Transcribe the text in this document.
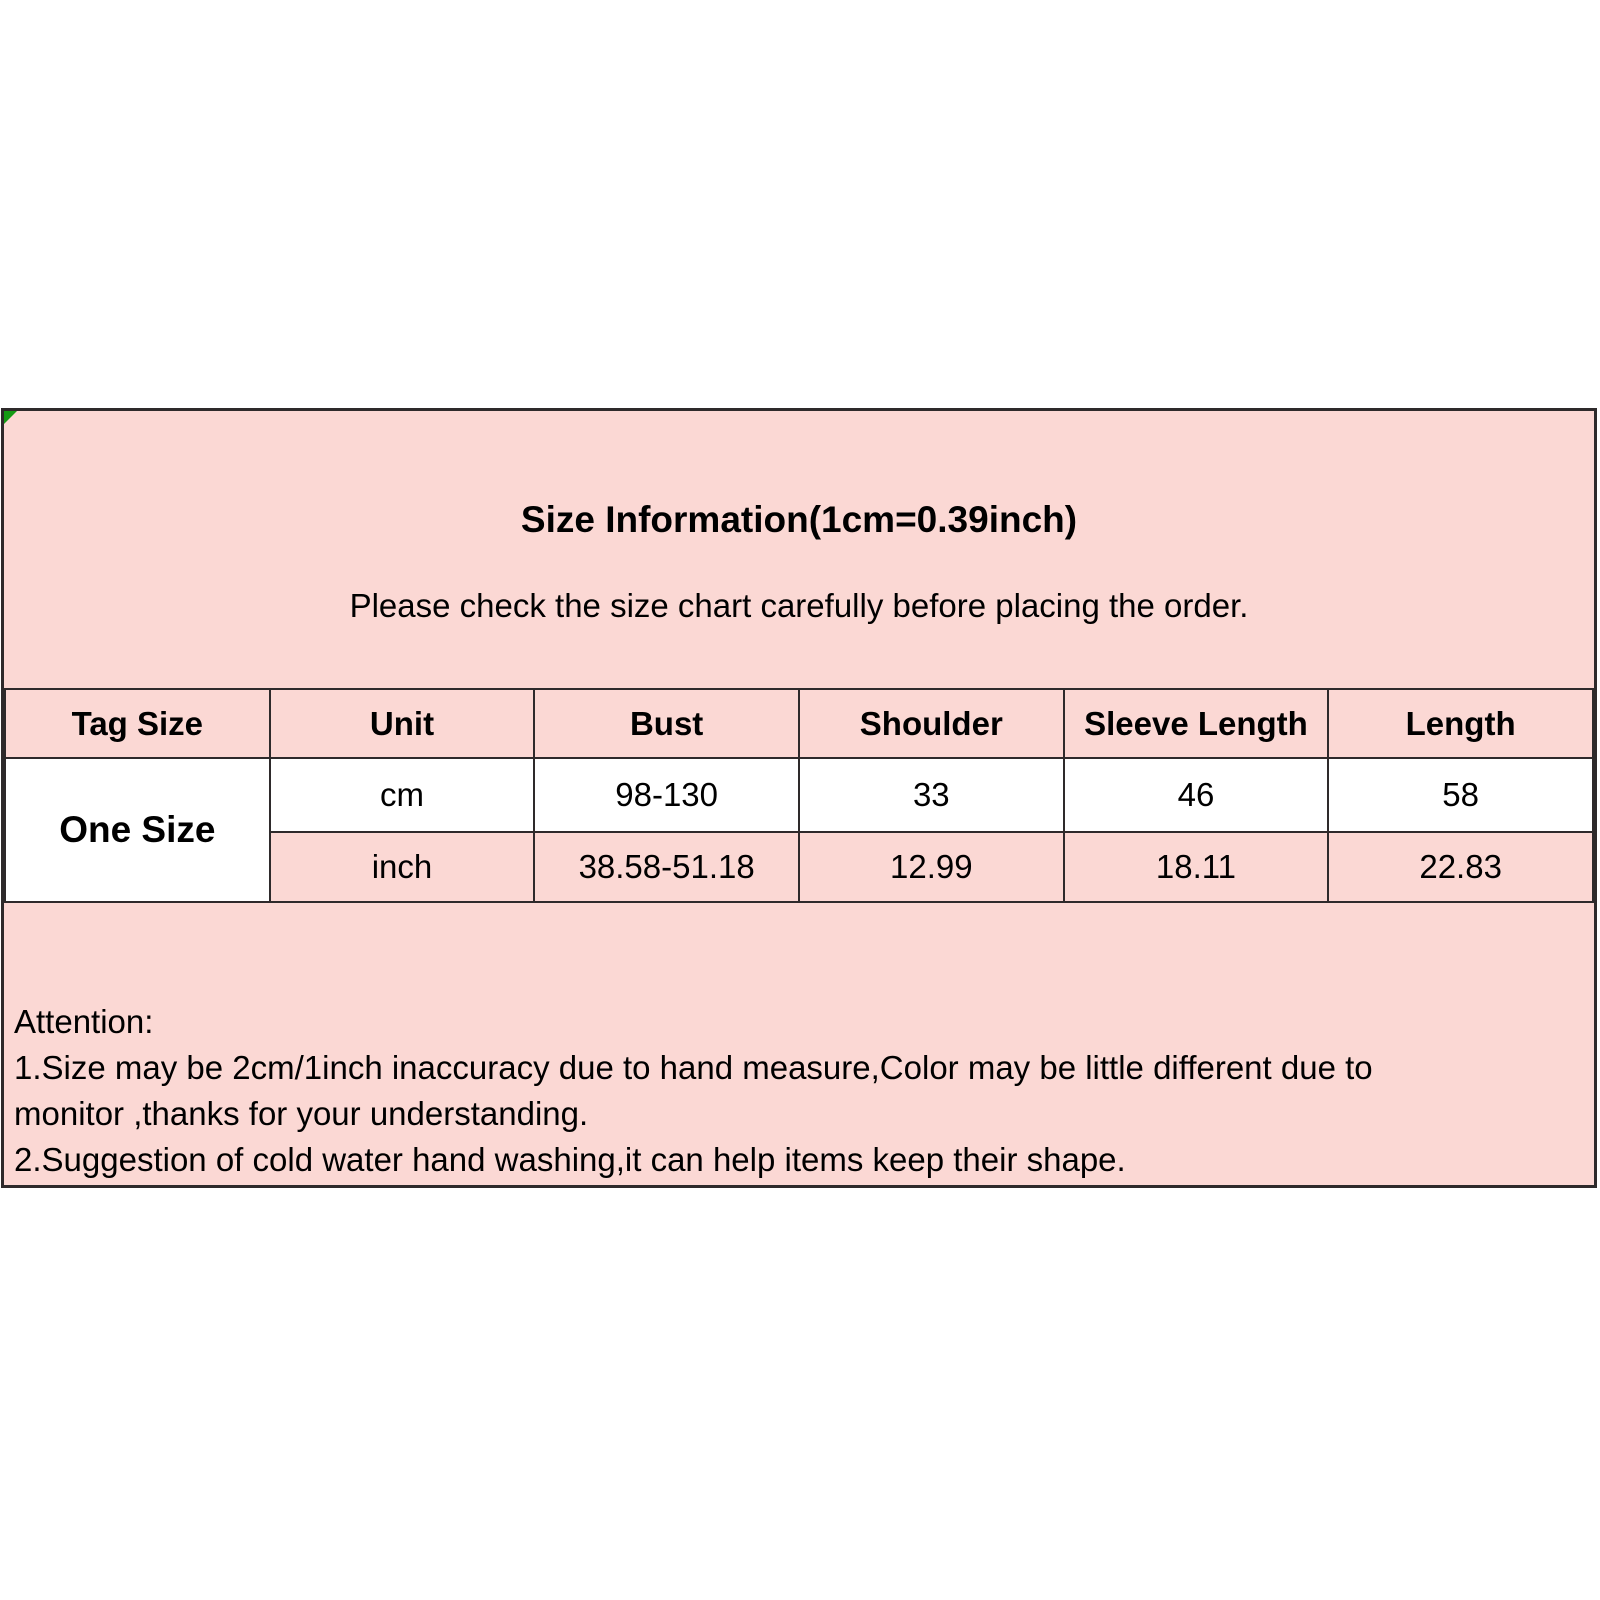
Size Information(1cm=0.39inch)
Please check the size chart carefully before placing the order.
Tag Size	Unit	Bust	Shoulder	Sleeve Length	Length
One Size	cm	98-130	33	46	58
	inch	38.58-51.18	12.99	18.11	22.83
Attention:
1.Size may be 2cm/1inch inaccuracy due to hand measure,Color may be little different due to
monitor ,thanks for your understanding.
2.Suggestion of cold water hand washing,it can help items keep their shape.
